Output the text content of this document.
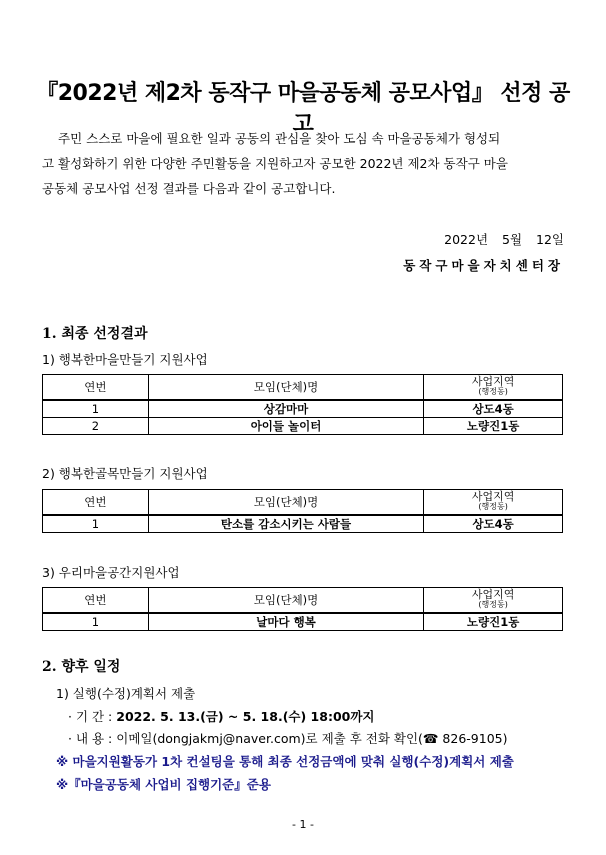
『2022년 제2차 동작구 마을공동체 공모사업』 선정 공고
주민 스스로 마을에 필요한 일과 공동의 관심을 찾아 도심 속 마을공동체가 형성되
고 활성화하기 위한 다양한 주민활동을 지원하고자 공모한 2022년 제2차 동작구 마을
공동체 공모사업 선정 결과를 다음과 같이 공고합니다.
2022년 5월 12일
동작구마을자치센터장
1. 최종 선정결과
1) 행복한마을만들기 지원사업
연번	모임(단체)명	사업지역
(행정동)

1	상감마마	상도4동
2	아이들 놀이터	노량진1동
2) 행복한골목만들기 지원사업
연번	모임(단체)명	사업지역
(행정동)

1	탄소를 감소시키는 사람들	상도4동
3) 우리마을공간지원사업
연번	모임(단체)명	사업지역
(행정동)

1	날마다 행복	노량진1동
2. 향후 일정
1) 실행(수정)계획서 제출
· 기 간 : 2022. 5. 13.(금) ~ 5. 18.(수) 18:00까지
· 내 용 : 이메일(dongjakmj@naver.com)로 제출 후 전화 확인(☎ 826-9105)
※ 마을지원활동가 1차 컨설팅을 통해 최종 선정금액에 맞춰 실행(수정)계획서 제출
※『마을공동체 사업비 집행기준』준용
- 1 -
